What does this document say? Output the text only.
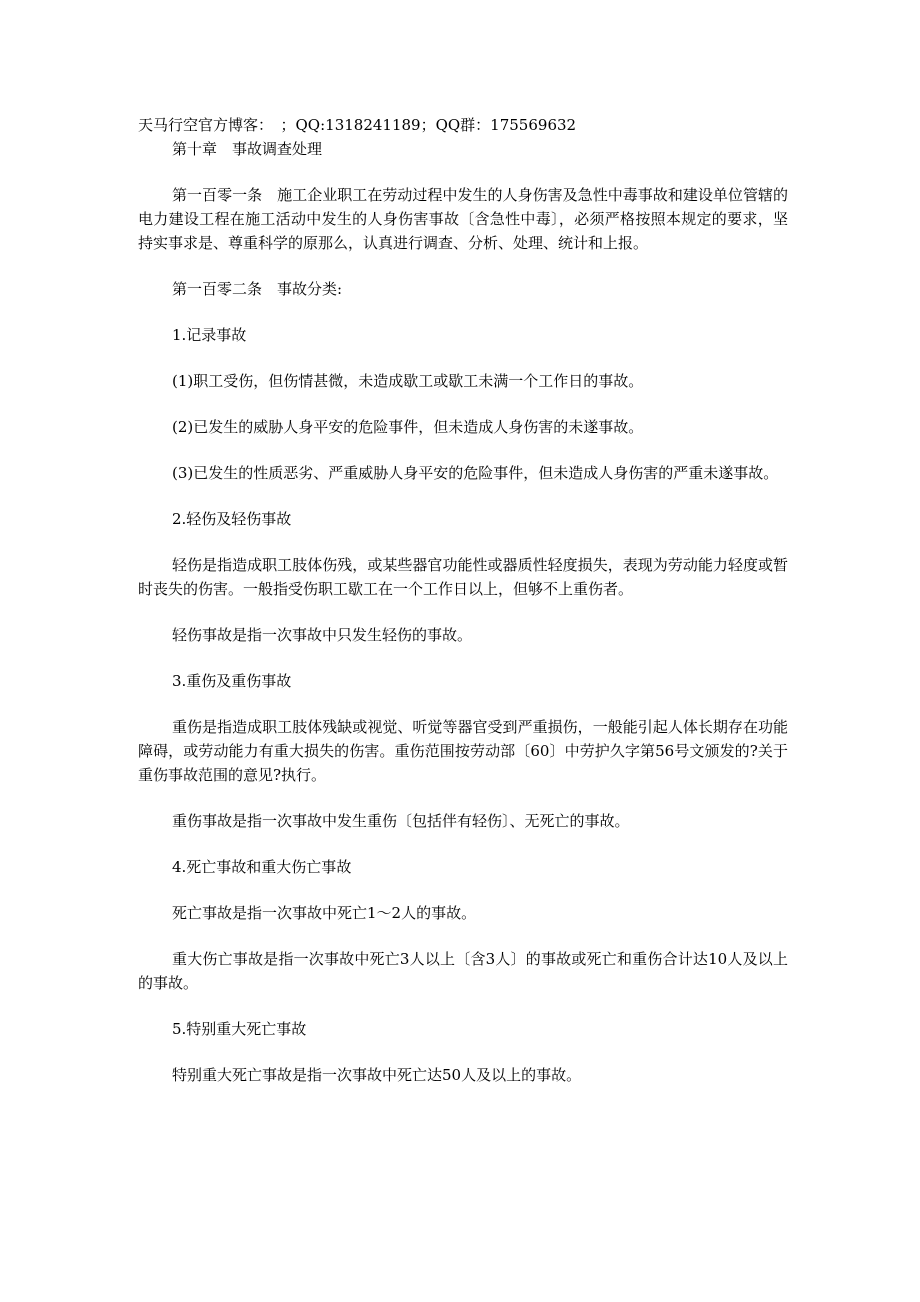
天马行空官方博客：　；QQ:1318241189；QQ群：175569632

第十章　事故调查处理

第一百零一条　施工企业职工在劳动过程中发生的人身伤害及急性中毒事故和建设单位管辖的电力建设工程在施工活动中发生的人身伤害事故〔含急性中毒〕，必须严格按照本规定的要求，坚持实事求是、尊重科学的原那么，认真进行调查、分析、处理、统计和上报。

第一百零二条　事故分类:

1.记录事故

(1)职工受伤，但伤情甚微，未造成歇工或歇工未满一个工作日的事故。

(2)已发生的威胁人身平安的危险事件，但未造成人身伤害的未遂事故。

(3)已发生的性质恶劣、严重威胁人身平安的危险事件，但未造成人身伤害的严重未遂事故。

2.轻伤及轻伤事故

轻伤是指造成职工肢体伤残，或某些器官功能性或器质性轻度损失，表现为劳动能力轻度或暂时丧失的伤害。一般指受伤职工歇工在一个工作日以上，但够不上重伤者。

轻伤事故是指一次事故中只发生轻伤的事故。

3.重伤及重伤事故

重伤是指造成职工肢体残缺或视觉、听觉等器官受到严重损伤，一般能引起人体长期存在功能障碍，或劳动能力有重大损失的伤害。重伤范围按劳动部〔60〕中劳护久字第56号文颁发的?关于重伤事故范围的意见?执行。

重伤事故是指一次事故中发生重伤〔包括伴有轻伤〕、无死亡的事故。

4.死亡事故和重大伤亡事故

死亡事故是指一次事故中死亡1～2人的事故。

重大伤亡事故是指一次事故中死亡3人以上〔含3人〕的事故或死亡和重伤合计达10人及以上的事故。

5.特别重大死亡事故

特别重大死亡事故是指一次事故中死亡达50人及以上的事故。
